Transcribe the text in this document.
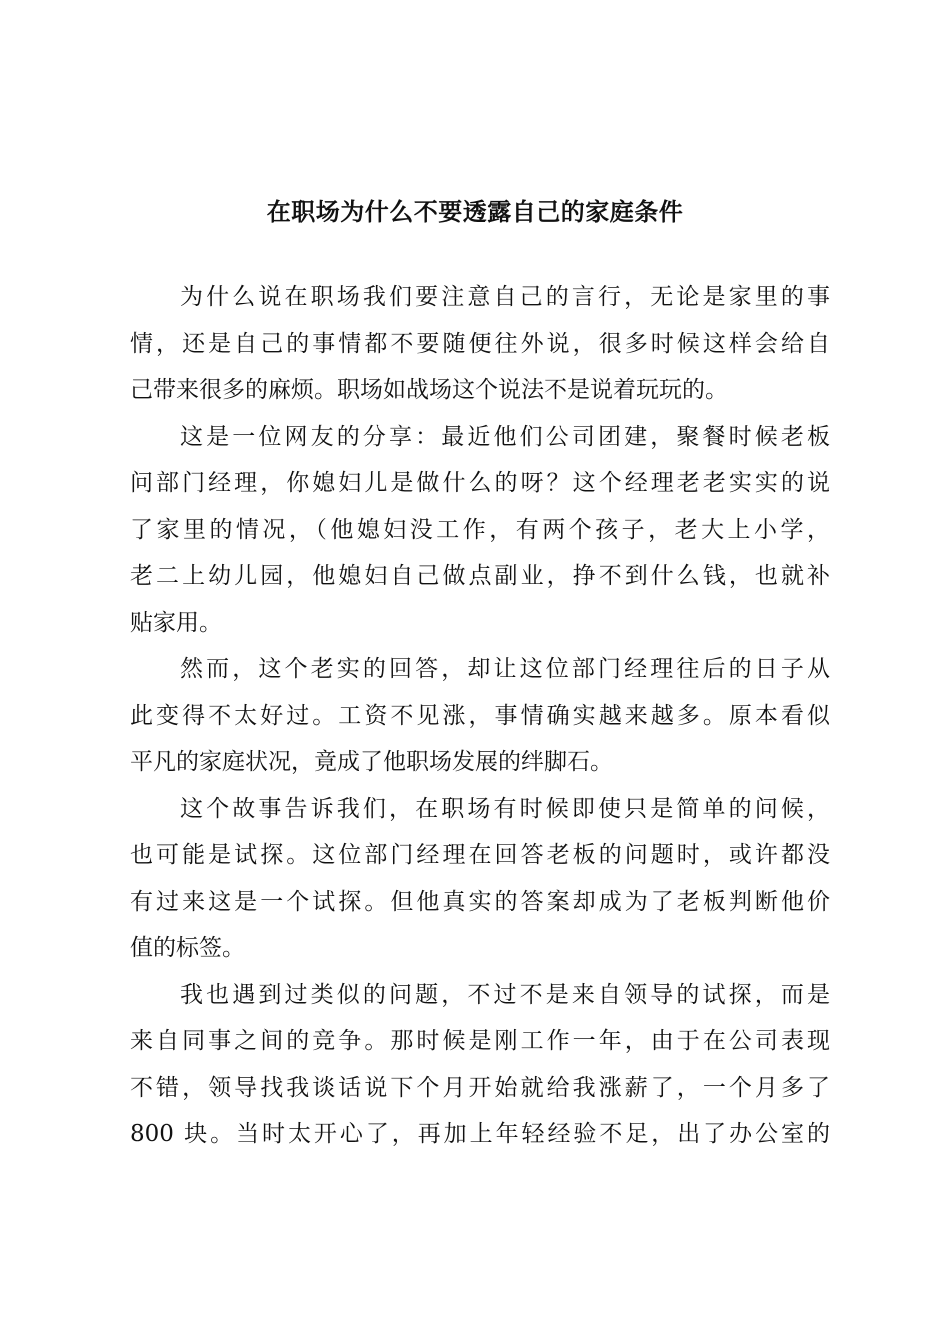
在职场为什么不要透露自己的家庭条件
为什么说在职场我们要注意自己的言行，无论是家里的事
情，还是自己的事情都不要随便往外说，很多时候这样会给自
己带来很多的麻烦。职场如战场这个说法不是说着玩玩的。
这是一位网友的分享：最近他们公司团建，聚餐时候老板
问部门经理，你媳妇儿是做什么的呀？这个经理老老实实的说
了家里的情况，（他媳妇没工作，有两个孩子，老大上小学，
老二上幼儿园，他媳妇自己做点副业，挣不到什么钱，也就补
贴家用。
然而，这个老实的回答，却让这位部门经理往后的日子从
此变得不太好过。工资不见涨，事情确实越来越多。原本看似
平凡的家庭状况，竟成了他职场发展的绊脚石。
这个故事告诉我们，在职场有时候即使只是简单的问候，
也可能是试探。这位部门经理在回答老板的问题时，或许都没
有过来这是一个试探。但他真实的答案却成为了老板判断他价
值的标签。
我也遇到过类似的问题，不过不是来自领导的试探，而是
来自同事之间的竞争。那时候是刚工作一年，由于在公司表现
不错，领导找我谈话说下个月开始就给我涨薪了，一个月多了
800 块。当时太开心了，再加上年轻经验不足，出了办公室的
